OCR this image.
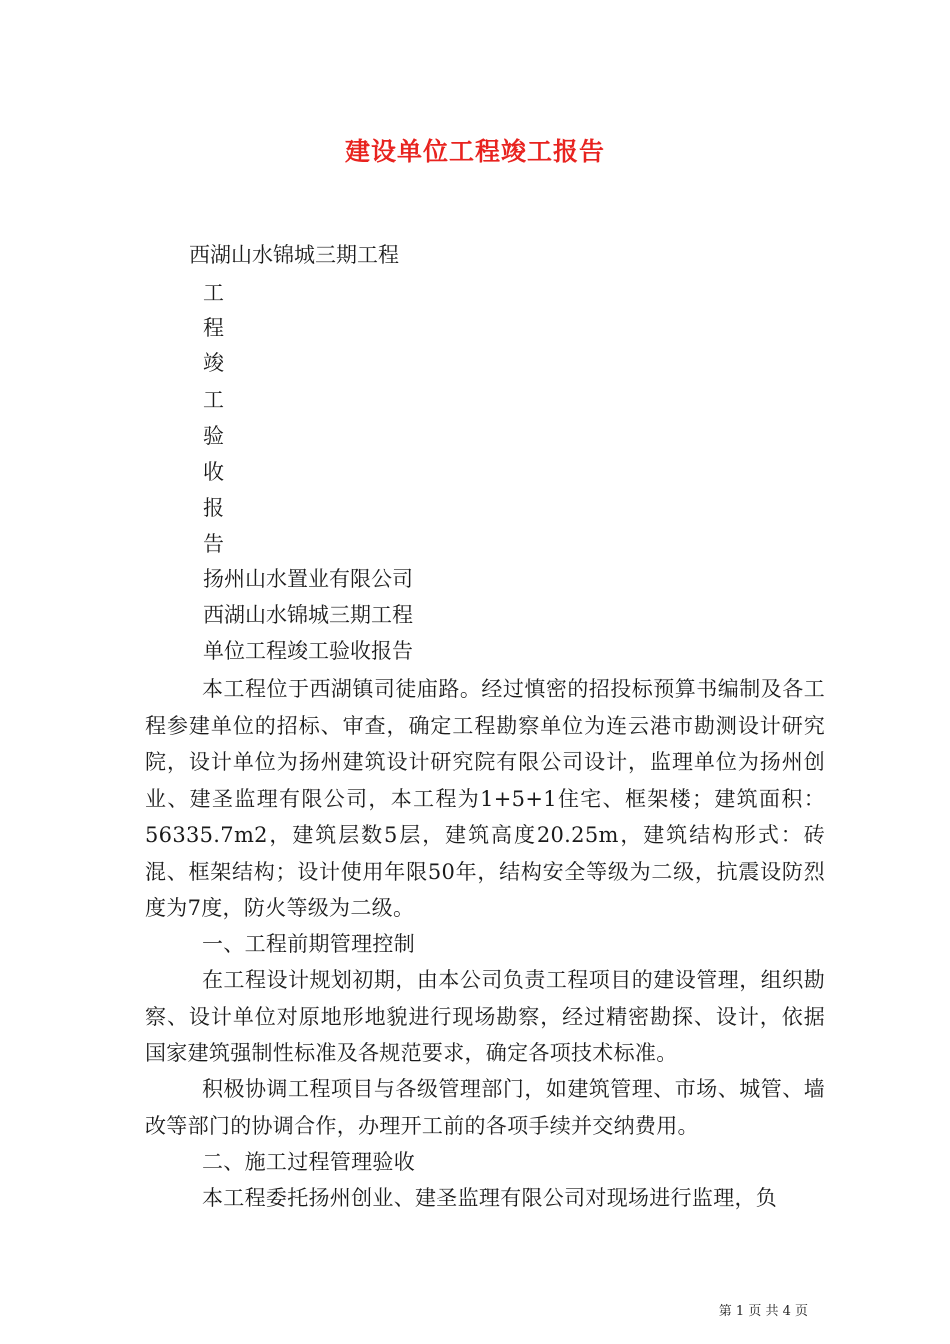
建设单位工程竣工报告
西湖山水锦城三期工程
工
程
竣
工
验
收
报
告
扬州山水置业有限公司
西湖山水锦城三期工程
单位工程竣工验收报告
本工程位于西湖镇司徒庙路。经过慎密的招投标预算书编制及各工程参建单位的招标、审查，确定工程勘察单位为连云港市勘测设计研究院，设计单位为扬州建筑设计研究院有限公司设计，监理单位为扬州创业、建圣监理有限公司，本工程为1+5+1住宅、框架楼；建筑面积：56335.7m2，建筑层数5层，建筑高度20.25m，建筑结构形式：砖混、框架结构；设计使用年限50年，结构安全等级为二级，抗震设防烈度为7度，防火等级为二级。
一、工程前期管理控制
在工程设计规划初期，由本公司负责工程项目的建设管理，组织勘察、设计单位对原地形地貌进行现场勘察，经过精密勘探、设计，依据国家建筑强制性标准及各规范要求，确定各项技术标准。
积极协调工程项目与各级管理部门，如建筑管理、市场、城管、墙改等部门的协调合作，办理开工前的各项手续并交纳费用。
二、施工过程管理验收
本工程委托扬州创业、建圣监理有限公司对现场进行监理，负
第 1 页 共 4 页
